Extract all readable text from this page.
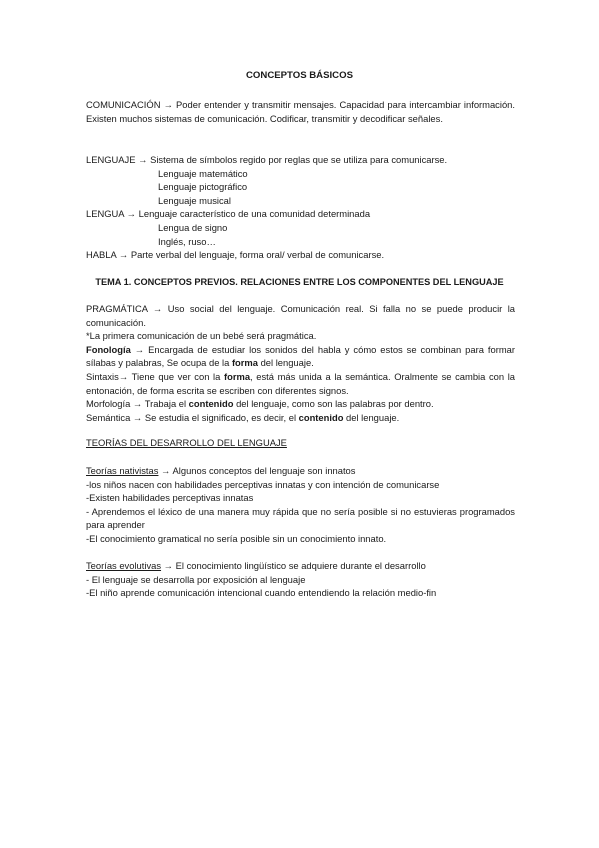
CONCEPTOS BÁSICOS
COMUNICACIÓN → Poder entender y transmitir mensajes. Capacidad para intercambiar información. Existen muchos sistemas de comunicación. Codificar, transmitir y decodificar señales.
LENGUAJE → Sistema de símbolos regido por reglas que se utiliza para comunicarse.
Lenguaje matemático
Lenguaje pictográfico
Lenguaje musical
LENGUA → Lenguaje característico de una comunidad determinada
Lengua de signo
Inglés, ruso…
HABLA → Parte verbal del lenguaje, forma oral/ verbal de comunicarse.
TEMA 1. CONCEPTOS PREVIOS. RELACIONES ENTRE LOS COMPONENTES DEL LENGUAJE
PRAGMÁTICA → Uso social del lenguaje. Comunicación real. Si falla no se puede producir la comunicación.
*La primera comunicación de un bebé será pragmática.
Fonología → Encargada de estudiar los sonidos del habla y cómo estos se combinan para formar sílabas y palabras, Se ocupa de la forma del lenguaje.
Sintaxis→ Tiene que ver con la forma, está más unida a la semántica. Oralmente se cambia con la entonación, de forma escrita se escriben con diferentes signos.
Morfología → Trabaja el contenido del lenguaje, como son las palabras por dentro.
Semántica → Se estudia el significado, es decir, el contenido del lenguaje.
TEORÍAS DEL DESARROLLO DEL LENGUAJE
Teorías nativistas → Algunos conceptos del lenguaje son innatos
-los niños nacen con habilidades perceptivas innatas y con intención de comunicarse
-Existen habilidades perceptivas innatas
- Aprendemos el léxico de una manera muy rápida que no sería posible si no estuvieras programados para aprender
-El conocimiento gramatical no sería posible sin un conocimiento innato.
Teorías evolutivas → El conocimiento lingüístico se adquiere durante el desarrollo
- El lenguaje se desarrolla por exposición al lenguaje
-El niño aprende comunicación intencional cuando entendiendo la relación medio-fin
